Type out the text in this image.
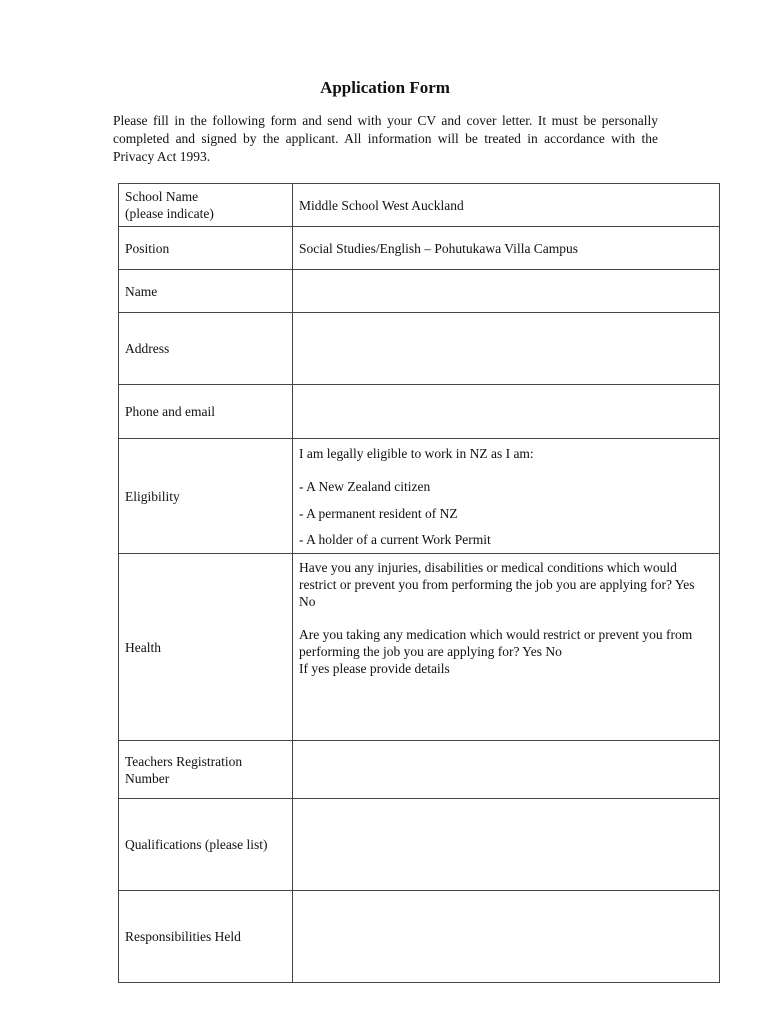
Application Form

Please fill in the following form and send with your CV and cover letter. It must be personally completed and signed by the applicant. All information will be treated in accordance with the Privacy Act 1993.

School Name
(please indicate)	Middle School West Auckland
Position	Social Studies/English – Pohutukawa Villa Campus
Name	
Address	
Phone and email	
Eligibility	I am legally eligible to work in NZ as I am:
- A New Zealand citizen
- A permanent resident of NZ
- A holder of a current Work Permit

Health	Have you any injuries, disabilities or medical conditions which would restrict or prevent you from performing the job you are applying for? Yes No
Are you taking any medication which would restrict or prevent you from performing the job you are applying for? Yes No
If yes please provide details

Teachers Registration
Number	

Qualifications (please list)	
Responsibilities Held	
